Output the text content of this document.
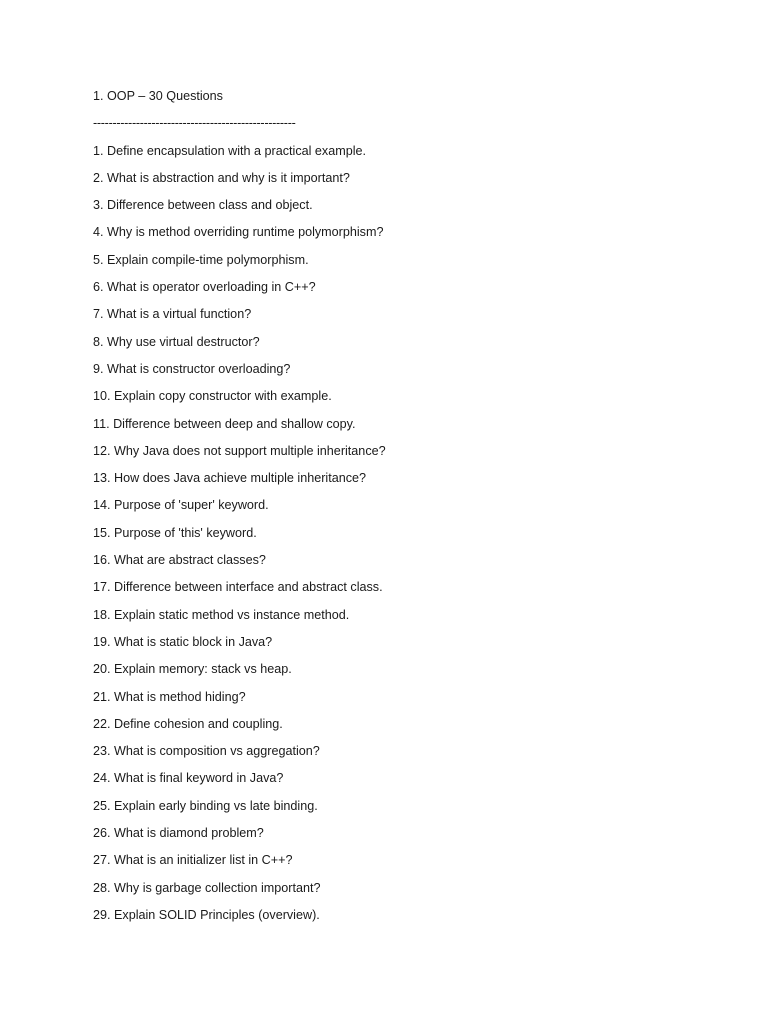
1. OOP – 30 Questions

----------------------------------------------------

1. Define encapsulation with a practical example.
2. What is abstraction and why is it important?
3. Difference between class and object.
4. Why is method overriding runtime polymorphism?
5. Explain compile-time polymorphism.
6. What is operator overloading in C++?
7. What is a virtual function?
8. Why use virtual destructor?
9. What is constructor overloading?
10. Explain copy constructor with example.
11. Difference between deep and shallow copy.
12. Why Java does not support multiple inheritance?
13. How does Java achieve multiple inheritance?
14. Purpose of 'super' keyword.
15. Purpose of 'this' keyword.
16. What are abstract classes?
17. Difference between interface and abstract class.
18. Explain static method vs instance method.
19. What is static block in Java?
20. Explain memory: stack vs heap.
21. What is method hiding?
22. Define cohesion and coupling.
23. What is composition vs aggregation?
24. What is final keyword in Java?
25. Explain early binding vs late binding.
26. What is diamond problem?
27. What is an initializer list in C++?
28. Why is garbage collection important?
29. Explain SOLID Principles (overview).
